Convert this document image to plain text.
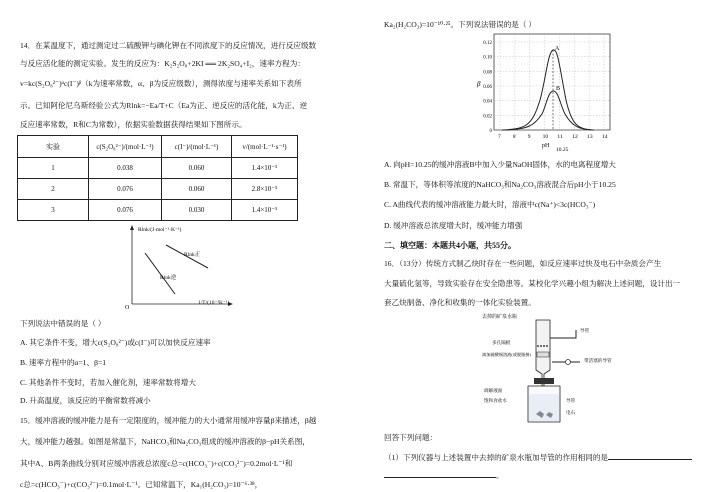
14．在某温度下，通过测定过二硫酸钾与碘化钾在不同浓度下的反应情况，进行反应级数
与反应活化能的测定实验。发生的反应为：K₂S₂O₈+2KI ══ 2K₂SO₄+I₂，速率方程为：
v=kc(S₂O₈²⁻)ᵅc(I⁻)ᵝ（k为速率常数，α、β为反应级数），测得浓度与速率关系如下表所
示。已知阿伦尼乌斯经验公式为Rlnk=−Ea/T+C（Ea为正、逆反应的活化能，k为正、逆
反应速率常数，R和C为常数），依据实验数据获得结果如下图所示。
实验	c(S₂O₈²⁻)/(mol·L⁻¹)	c(I⁻)/(mol·L⁻¹)	v/(mol·L⁻¹·s⁻¹)
1	0.038	0.060	1.4×10⁻⁵
2	0.076	0.060	2.8×10⁻⁵
3	0.076	0.030	1.4×10⁻⁵
Rlnk/(J·mol⁻¹·K⁻¹)
Rlnk正
Rlnk逆
O
1/T/(10⁻³K⁻¹)
下列说法中错误的是（ ）
A. 其它条件不变，增大c(S₂O₈²⁻)或c(I⁻)可以加快反应速率
B. 速率方程中的α=1、β=1
C. 其他条件不变时，若加入催化剂，速率常数将增大
D. 升高温度，该反应的平衡常数将减小
15．缓冲溶液的缓冲能力是有一定限度的，缓冲能力的大小通常用缓冲容量β来描述，β越
大，缓冲能力越强。如图是常温下，NaHCO₃和Na₂CO₃组成的缓冲溶液的β−pH关系图，
其中A、B两条曲线分别对应缓冲溶液总浓度c总=c(HCO₃⁻)+c(CO₃²⁻)=0.2mol·L⁻¹和
c总=c(HCO₃⁻)+c(CO₃²⁻)=0.1mol·L⁻¹。已知常温下，Ka₁(H₂CO₃)=10⁻⁶·³⁸，
Ka₂(H₂CO₃)=10⁻¹⁰·²⁵。下列说法错误的是（ ）
7 8 9 10 11 12 13 14
0
0.02
0.04
0.06
0.08
0.10
0.12
A
B
β
pH
10.25
A. 向pH=10.25的缓冲溶液B中加入少量NaOH固体，水的电离程度增大
B. 常温下，等体积等浓度的NaHCO₃和Na₂CO₃溶液混合后pH小于10.25
C. A曲线代表的缓冲溶液能力最大时，溶液中c(Na⁺)<3c(HCO₃⁻)
D. 缓冲溶液总浓度增大时，缓冲能力增强
二、填空题：本题共4小题，共55分。
16．（13分）传统方式制乙炔时存在一些问题，如反应速率过快及电石中杂质会产生
大量硫化氢等，导致实验存在安全隐患等。某校化学兴趣小组为解决上述问题，设计出一
套乙炔制备、净化和收集的一体化实验装置。
去掉的矿泉水瓶
多孔隔板
滴加硫酸铜溶液(或脱脂棉)
导管
带活塞的导管
调解液面
饱和食盐水	导管
电石
回答下列问题：
（1）下列仪器与上述装置中去掉的矿泉水瓶加导管的作用相同的是
。
